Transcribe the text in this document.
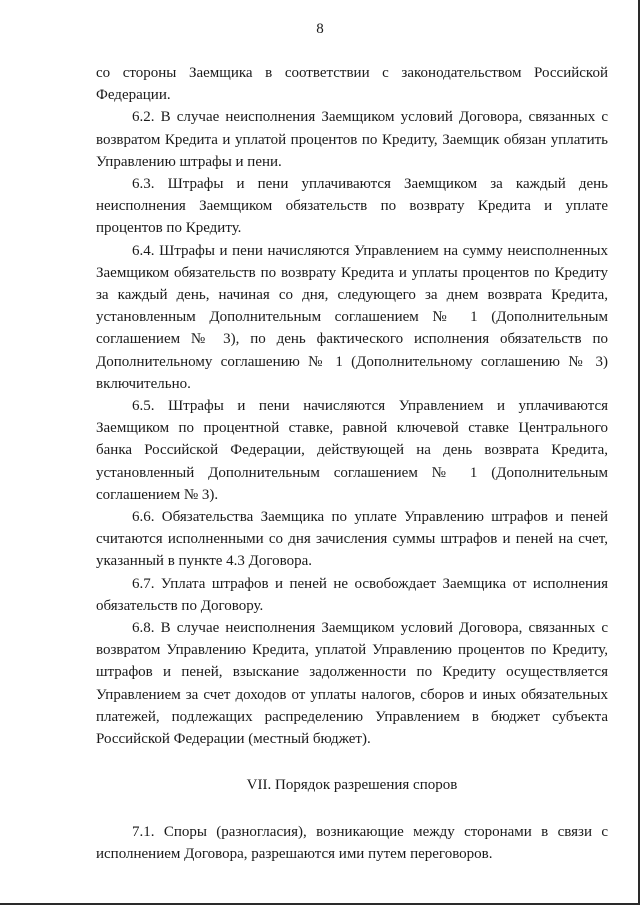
8

со стороны Заемщика в соответствии с законодательством Российской Федерации.

6.2. В случае неисполнения Заемщиком условий Договора, связанных с возвратом Кредита и уплатой процентов по Кредиту, Заемщик обязан уплатить Управлению штрафы и пени.

6.3. Штрафы и пени уплачиваются Заемщиком за каждый день неисполнения Заемщиком обязательств по возврату Кредита и уплате процентов по Кредиту.

6.4. Штрафы и пени начисляются Управлением на сумму неисполненных Заемщиком обязательств по возврату Кредита и уплаты процентов по Кредиту за каждый день, начиная со дня, следующего за днем возврата Кредита, установленным Дополнительным соглашением № 1 (Дополнительным соглашением № 3), по день фактического исполнения обязательств по Дополнительному соглашению № 1 (Дополнительному соглашению № 3) включительно.

6.5. Штрафы и пени начисляются Управлением и уплачиваются Заемщиком по процентной ставке, равной ключевой ставке Центрального банка Российской Федерации, действующей на день возврата Кредита, установленный Дополнительным соглашением № 1 (Дополнительным соглашением № 3).

6.6. Обязательства Заемщика по уплате Управлению штрафов и пеней считаются исполненными со дня зачисления суммы штрафов и пеней на счет, указанный в пункте 4.3 Договора.

6.7. Уплата штрафов и пеней не освобождает Заемщика от исполнения обязательств по Договору.

6.8. В случае неисполнения Заемщиком условий Договора, связанных с возвратом Управлению Кредита, уплатой Управлению процентов по Кредиту, штрафов и пеней, взыскание задолженности по Кредиту осуществляется Управлением за счет доходов от уплаты налогов, сборов и иных обязательных платежей, подлежащих распределению Управлением в бюджет субъекта Российской Федерации (местный бюджет).

VII. Порядок разрешения споров

7.1. Споры (разногласия), возникающие между сторонами в связи с исполнением Договора, разрешаются ими путем переговоров.
